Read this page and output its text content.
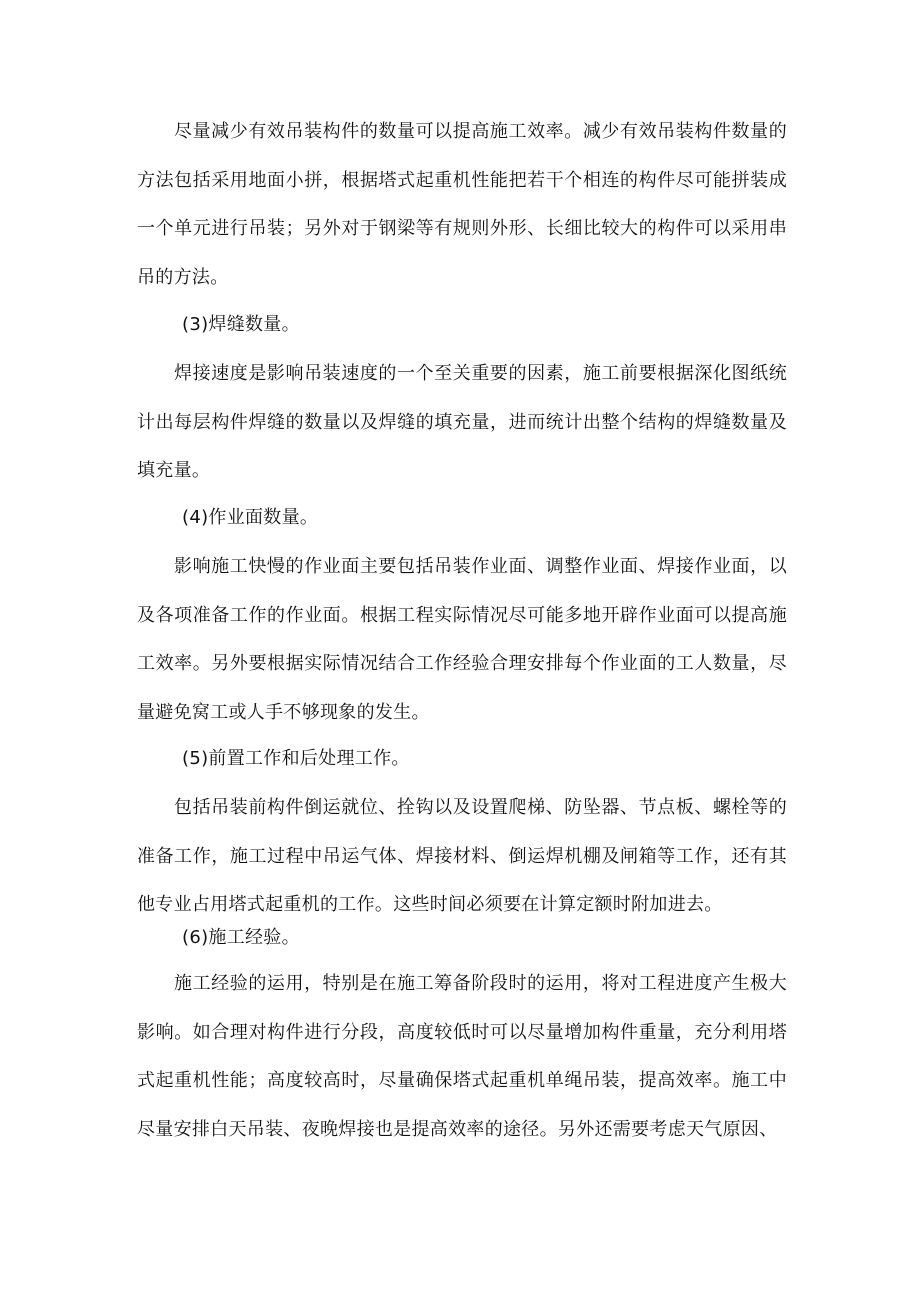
尽量减少有效吊装构件的数量可以提高施工效率。减少有效吊装构件数量的方法包括采用地面小拼，根据塔式起重机性能把若干个相连的构件尽可能拼装成一个单元进行吊装；另外对于钢梁等有规则外形、长细比较大的构件可以采用串吊的方法。

(3)焊缝数量。

焊接速度是影响吊装速度的一个至关重要的因素，施工前要根据深化图纸统计出每层构件焊缝的数量以及焊缝的填充量，进而统计出整个结构的焊缝数量及填充量。

(4)作业面数量。

影响施工快慢的作业面主要包括吊装作业面、调整作业面、焊接作业面，以及各项准备工作的作业面。根据工程实际情况尽可能多地开辟作业面可以提高施工效率。另外要根据实际情况结合工作经验合理安排每个作业面的工人数量，尽量避免窝工或人手不够现象的发生。

(5)前置工作和后处理工作。

包括吊装前构件倒运就位、拴钩以及设置爬梯、防坠器、节点板、螺栓等的准备工作，施工过程中吊运气体、焊接材料、倒运焊机棚及闸箱等工作，还有其他专业占用塔式起重机的工作。这些时间必须要在计算定额时附加进去。

(6)施工经验。

施工经验的运用，特别是在施工筹备阶段时的运用，将对工程进度产生极大影响。如合理对构件进行分段，高度较低时可以尽量增加构件重量，充分利用塔式起重机性能；高度较高时，尽量确保塔式起重机单绳吊装，提高效率。施工中尽量安排白天吊装、夜晚焊接也是提高效率的途径。另外还需要考虑天气原因、
